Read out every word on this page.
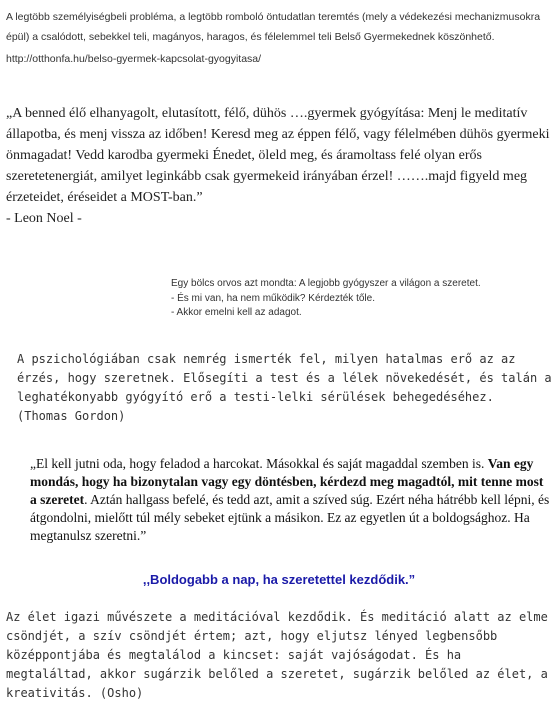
A legtöbb személyiségbeli probléma, a legtöbb romboló öntudatlan teremtés (mely a védekezési mechanizmusokra épül) a csalódott, sebekkel teli, magányos, haragos, és félelemmel teli Belső Gyermekednek köszönhető.
http://otthonfa.hu/belso-gyermek-kapcsolat-gyogyitasa/

„A benned élő elhanyagolt, elutasított, félő, dühös ….gyermek gyógyítása: Menj le meditatív állapotba, és menj vissza az időben! Keresd meg az éppen félő, vagy félelmében dühös gyermeki önmagadat! Vedd karodba gyermeki Énedet, öleld meg, és áramoltass felé olyan erős szeretetenergiát, amilyet leginkább csak gyermekeid irányában érzel! …….majd figyeld meg érzeteidet, éréseidet a MOST-ban.”

- Leon Noel -

Egy bölcs orvos azt mondta: A legjobb gyógyszer a világon a szeretet.
- És mi van, ha nem működik? Kérdezték tőle.
- Akkor emelni kell az adagot.

A pszichológiában csak nemrég ismerték fel, milyen hatalmas erő az az érzés, hogy szeretnek. Elősegíti a test és a lélek növekedését, és talán a leghatékonyabb gyógyító erő a testi-lelki sérülések behegedéséhez.

(Thomas Gordon)

„El kell jutni oda, hogy feladod a harcokat. Másokkal és saját magaddal szemben is. Van egy mondás, hogy ha bizonytalan vagy egy döntésben, kérdezd meg magadtól, mit tenne most a szeretet. Aztán hallgass befelé, és tedd azt, amit a szíved súg. Ezért néha hátrébb kell lépni, és átgondolni, mielőtt túl mély sebeket ejtünk a másikon. Ez az egyetlen út a boldogsághoz. Ha megtanulsz szeretni.”

,,Boldogabb a nap, ha szeretettel kezdődik.”

Az élet igazi művészete a meditációval kezdődik. És meditáció alatt az elme csöndjét, a szív csöndjét értem; azt, hogy eljutsz lényed legbensőbb középpontjába és megtalálod a kincset: saját vajóságodat. És ha megtaláltad, akkor sugárzik belőled a szeretet, sugárzik belőled az élet, a kreativitás. (Osho)
